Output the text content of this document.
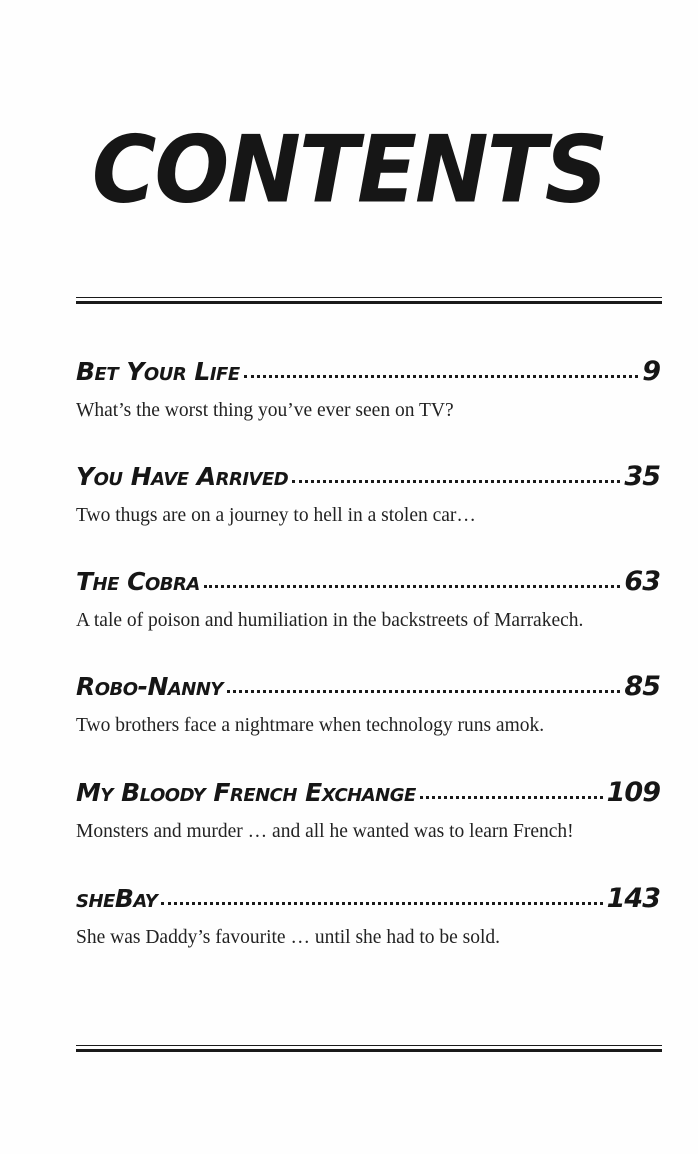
CONTENTS
Bet Your Life	9
What’s the worst thing you’ve ever seen on TV?
You Have Arrived	35
Two thugs are on a journey to hell in a stolen car…
The Cobra	63
A tale of poison and humiliation in the backstreets of Marrakech.
Robo-Nanny	85
Two brothers face a nightmare when technology runs amok.
My Bloody French Exchange	109
Monsters and murder … and all he wanted was to learn French!
sheBay	143
She was Daddy’s favourite … until she had to be sold.
